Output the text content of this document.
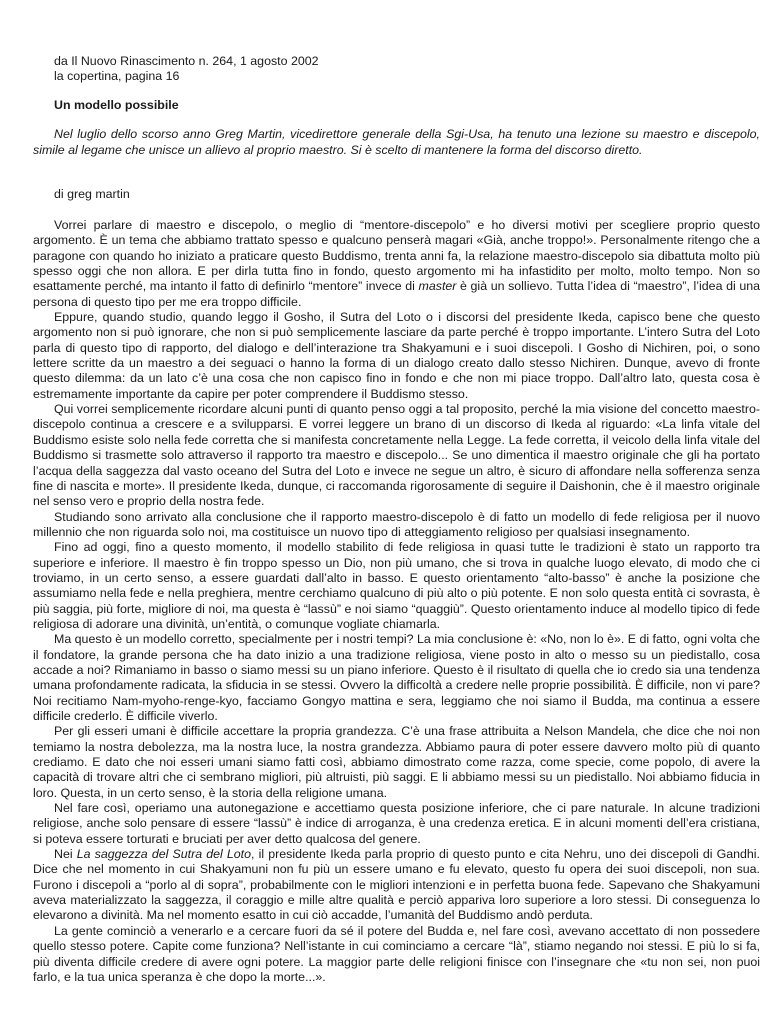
da Il Nuovo Rinascimento n. 264, 1 agosto 2002
la copertina, pagina 16
Un modello possibile

Nel luglio dello scorso anno Greg Martin, vicedirettore generale della Sgi-Usa, ha tenuto una lezione su maestro e discepolo, simile al legame che unisce un allievo al proprio maestro. Si è scelto di mantenere la forma del discorso diretto.

di greg martin

Vorrei parlare di maestro e discepolo, o meglio di “mentore-discepolo” e ho diversi motivi per scegliere proprio questo argomento. È un tema che abbiamo trattato spesso e qualcuno penserà magari «Già, anche troppo!». Personalmente ritengo che a paragone con quando ho iniziato a praticare questo Buddismo, trenta anni fa, la relazione maestro-discepolo sia dibattuta molto più spesso oggi che non allora. E per dirla tutta fino in fondo, questo argomento mi ha infastidito per molto, molto tempo. Non so esattamente perché, ma intanto il fatto di definirlo “mentore” invece di master è già un sollievo. Tutta l’idea di “maestro”, l’idea di una persona di questo tipo per me era troppo difficile.

Eppure, quando studio, quando leggo il Gosho, il Sutra del Loto o i discorsi del presidente Ikeda, capisco bene che questo argomento non si può ignorare, che non si può semplicemente lasciare da parte perché è troppo importante. L’intero Sutra del Loto parla di questo tipo di rapporto, del dialogo e dell’interazione tra Shakyamuni e i suoi discepoli. I Gosho di Nichiren, poi, o sono lettere scritte da un maestro a dei seguaci o hanno la forma di un dialogo creato dallo stesso Nichiren. Dunque, avevo di fronte questo dilemma: da un lato c’è una cosa che non capisco fino in fondo e che non mi piace troppo. Dall’altro lato, questa cosa è estremamente importante da capire per poter comprendere il Buddismo stesso.

Qui vorrei semplicemente ricordare alcuni punti di quanto penso oggi a tal proposito, perché la mia visione del concetto maestro-discepolo continua a crescere e a svilupparsi. E vorrei leggere un brano di un discorso di Ikeda al riguardo: «La linfa vitale del Buddismo esiste solo nella fede corretta che si manifesta concretamente nella Legge. La fede corretta, il veicolo della linfa vitale del Buddismo si trasmette solo attraverso il rapporto tra maestro e discepolo... Se uno dimentica il maestro originale che gli ha portato l’acqua della saggezza dal vasto oceano del Sutra del Loto e invece ne segue un altro, è sicuro di affondare nella sofferenza senza fine di nascita e morte». Il presidente Ikeda, dunque, ci raccomanda rigorosamente di seguire il Daishonin, che è il maestro originale nel senso vero e proprio della nostra fede.

Studiando sono arrivato alla conclusione che il rapporto maestro-discepolo è di fatto un modello di fede religiosa per il nuovo millennio che non riguarda solo noi, ma costituisce un nuovo tipo di atteggiamento religioso per qualsiasi insegnamento.

Fino ad oggi, fino a questo momento, il modello stabilito di fede religiosa in quasi tutte le tradizioni è stato un rapporto tra superiore e inferiore. Il maestro è fin troppo spesso un Dio, non più umano, che si trova in qualche luogo elevato, di modo che ci troviamo, in un certo senso, a essere guardati dall’alto in basso. E questo orientamento “alto-basso” è anche la posizione che assumiamo nella fede e nella preghiera, mentre cerchiamo qualcuno di più alto o più potente. E non solo questa entità ci sovrasta, è più saggia, più forte, migliore di noi, ma questa è “lassù” e noi siamo “quaggiù”. Questo orientamento induce al modello tipico di fede religiosa di adorare una divinità, un’entità, o comunque vogliate chiamarla.

Ma questo è un modello corretto, specialmente per i nostri tempi? La mia conclusione è: «No, non lo è». E di fatto, ogni volta che il fondatore, la grande persona che ha dato inizio a una tradizione religiosa, viene posto in alto o messo su un piedistallo, cosa accade a noi? Rimaniamo in basso o siamo messi su un piano inferiore. Questo è il risultato di quella che io credo sia una tendenza umana profondamente radicata, la sfiducia in se stessi. Ovvero la difficoltà a credere nelle proprie possibilità. È difficile, non vi pare? Noi recitiamo Nam-myoho-renge-kyo, facciamo Gongyo mattina e sera, leggiamo che noi siamo il Budda, ma continua a essere difficile crederlo. È difficile viverlo.

Per gli esseri umani è difficile accettare la propria grandezza. C’è una frase attribuita a Nelson Mandela, che dice che noi non temiamo la nostra debolezza, ma la nostra luce, la nostra grandezza. Abbiamo paura di poter essere davvero molto più di quanto crediamo. E dato che noi esseri umani siamo fatti così, abbiamo dimostrato come razza, come specie, come popolo, di avere la capacità di trovare altri che ci sembrano migliori, più altruisti, più saggi. E li abbiamo messi su un piedistallo. Noi abbiamo fiducia in loro. Questa, in un certo senso, è la storia della religione umana.

Nel fare così, operiamo una autonegazione e accettiamo questa posizione inferiore, che ci pare naturale. In alcune tradizioni religiose, anche solo pensare di essere “lassù” è indice di arroganza, è una credenza eretica. E in alcuni momenti dell’era cristiana, si poteva essere torturati e bruciati per aver detto qualcosa del genere.

Nei La saggezza del Sutra del Loto, il presidente Ikeda parla proprio di questo punto e cita Nehru, uno dei discepoli di Gandhi. Dice che nel momento in cui Shakyamuni non fu più un essere umano e fu elevato, questo fu opera dei suoi discepoli, non sua. Furono i discepoli a “porlo al di sopra”, probabilmente con le migliori intenzioni e in perfetta buona fede. Sapevano che Shakyamuni aveva materializzato la saggezza, il coraggio e mille altre qualità e perciò appariva loro superiore a loro stessi. Di conseguenza lo elevarono a divinità. Ma nel momento esatto in cui ciò accadde, l’umanità del Buddismo andò perduta.

La gente cominciò a venerarlo e a cercare fuori da sé il potere del Budda e, nel fare così, avevano accettato di non possedere quello stesso potere. Capite come funziona? Nell’istante in cui cominciamo a cercare “là”, stiamo negando noi stessi. E più lo si fa, più diventa difficile credere di avere ogni potere. La maggior parte delle religioni finisce con l’insegnare che «tu non sei, non puoi farlo, e la tua unica speranza è che dopo la morte...».
